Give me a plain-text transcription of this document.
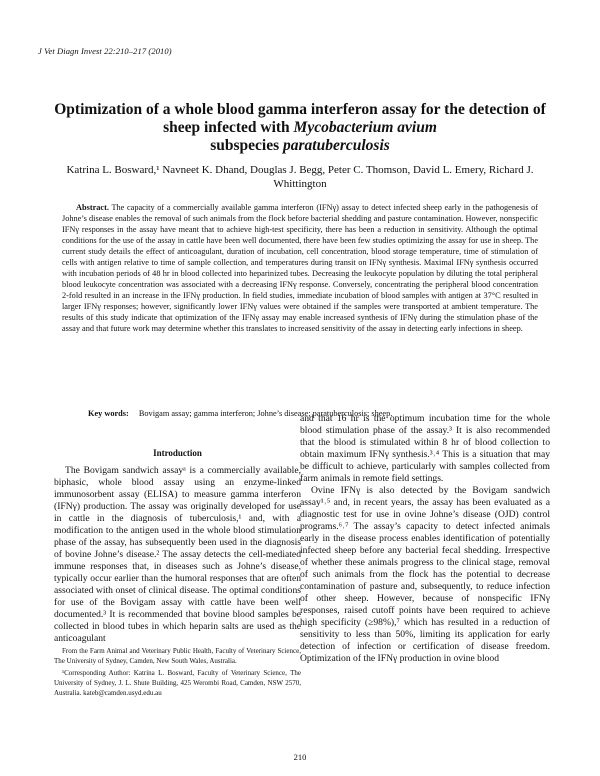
J Vet Diagn Invest 22:210–217 (2010)
Optimization of a whole blood gamma interferon assay for the detection of sheep infected with Mycobacterium avium
subspecies paratuberculosis
Katrina L. Bosward,¹ Navneet K. Dhand, Douglas J. Begg, Peter C. Thomson, David L. Emery, Richard J. Whittington
Abstract. The capacity of a commercially available gamma interferon (IFNγ) assay to detect infected sheep early in the pathogenesis of Johne’s disease enables the removal of such animals from the flock before bacterial shedding and pasture contamination. However, nonspecific IFNγ responses in the assay have meant that to achieve high-test specificity, there has been a reduction in sensitivity. Although the optimal conditions for the use of the assay in cattle have been well documented, there have been few studies optimizing the assay for use in sheep. The current study details the effect of anticoagulant, duration of incubation, cell concentration, blood storage temperature, time of stimulation of cells with antigen relative to time of sample collection, and temperatures during transit on IFNγ synthesis. Maximal IFNγ synthesis occurred with incubation periods of 48 hr in blood collected into heparinized tubes. Decreasing the leukocyte population by diluting the total peripheral blood leukocyte concentration was associated with a decreasing IFNγ response. Conversely, concentrating the peripheral blood concentration 2-fold resulted in an increase in the IFNγ production. In field studies, immediate incubation of blood samples with antigen at 37°C resulted in larger IFNγ responses; however, significantly lower IFNγ values were obtained if the samples were transported at ambient temperature. The results of this study indicate that optimization of the IFNγ assay may enable increased synthesis of IFNγ during the stimulation phase of the assay and that future work may determine whether this translates to increased sensitivity of the assay in detecting early infections in sheep.
Key words: Bovigam assay; gamma interferon; Johne’s disease; paratuberculosis; sheep.
Introduction

The Bovigam sandwich assayᵃ is a commercially available, biphasic, whole blood assay using an enzyme-linked immunosorbent assay (ELISA) to measure gamma interferon (IFNγ) production. The assay was originally developed for use in cattle in the diagnosis of tuberculosis,¹ and, with a modification to the antigen used in the whole blood stimulation phase of the assay, has subsequently been used in the diagnosis of bovine Johne’s disease.² The assay detects the cell-mediated immune responses that, in diseases such as Johne’s disease, typically occur earlier than the humoral responses that are often associated with onset of clinical disease. The optimal conditions for use of the Bovigam assay with cattle have been well documented.³ It is recommended that bovine blood samples be collected in blood tubes in which heparin salts are used as the anticoagulant

and that 16 hr is the optimum incubation time for the whole blood stimulation phase of the assay.³ It is also recommended that the blood is stimulated within 8 hr of blood collection to obtain maximum IFNγ synthesis.³˒⁴ This is a situation that may be difficult to achieve, particularly with samples collected from farm animals in remote field settings.

Ovine IFNγ is also detected by the Bovigam sandwich assay¹˒⁵ and, in recent years, the assay has been evaluated as a diagnostic test for use in ovine Johne’s disease (OJD) control programs.⁶˒⁷ The assay’s capacity to detect infected animals early in the disease process enables identification of potentially infected sheep before any bacterial fecal shedding. Irrespective of whether these animals progress to the clinical stage, removal of such animals from the flock has the potential to decrease contamination of pasture and, subsequently, to reduce infection of other sheep. However, because of nonspecific IFNγ responses, raised cutoff points have been required to achieve high specificity (≥98%),⁷ which has resulted in a reduction of sensitivity to less than 50%, limiting its application for early detection of infection or certification of disease freedom. Optimization of the IFNγ production in ovine blood

From the Farm Animal and Veterinary Public Health, Faculty of Veterinary Science, The University of Sydney, Camden, New South Wales, Australia.

¹Corresponding Author: Katrina L. Bosward, Faculty of Veterinary Science, The University of Sydney, J. L. Shute Building, 425 Werombi Road, Camden, NSW 2570, Australia. kateb@camden.usyd.edu.au

210
